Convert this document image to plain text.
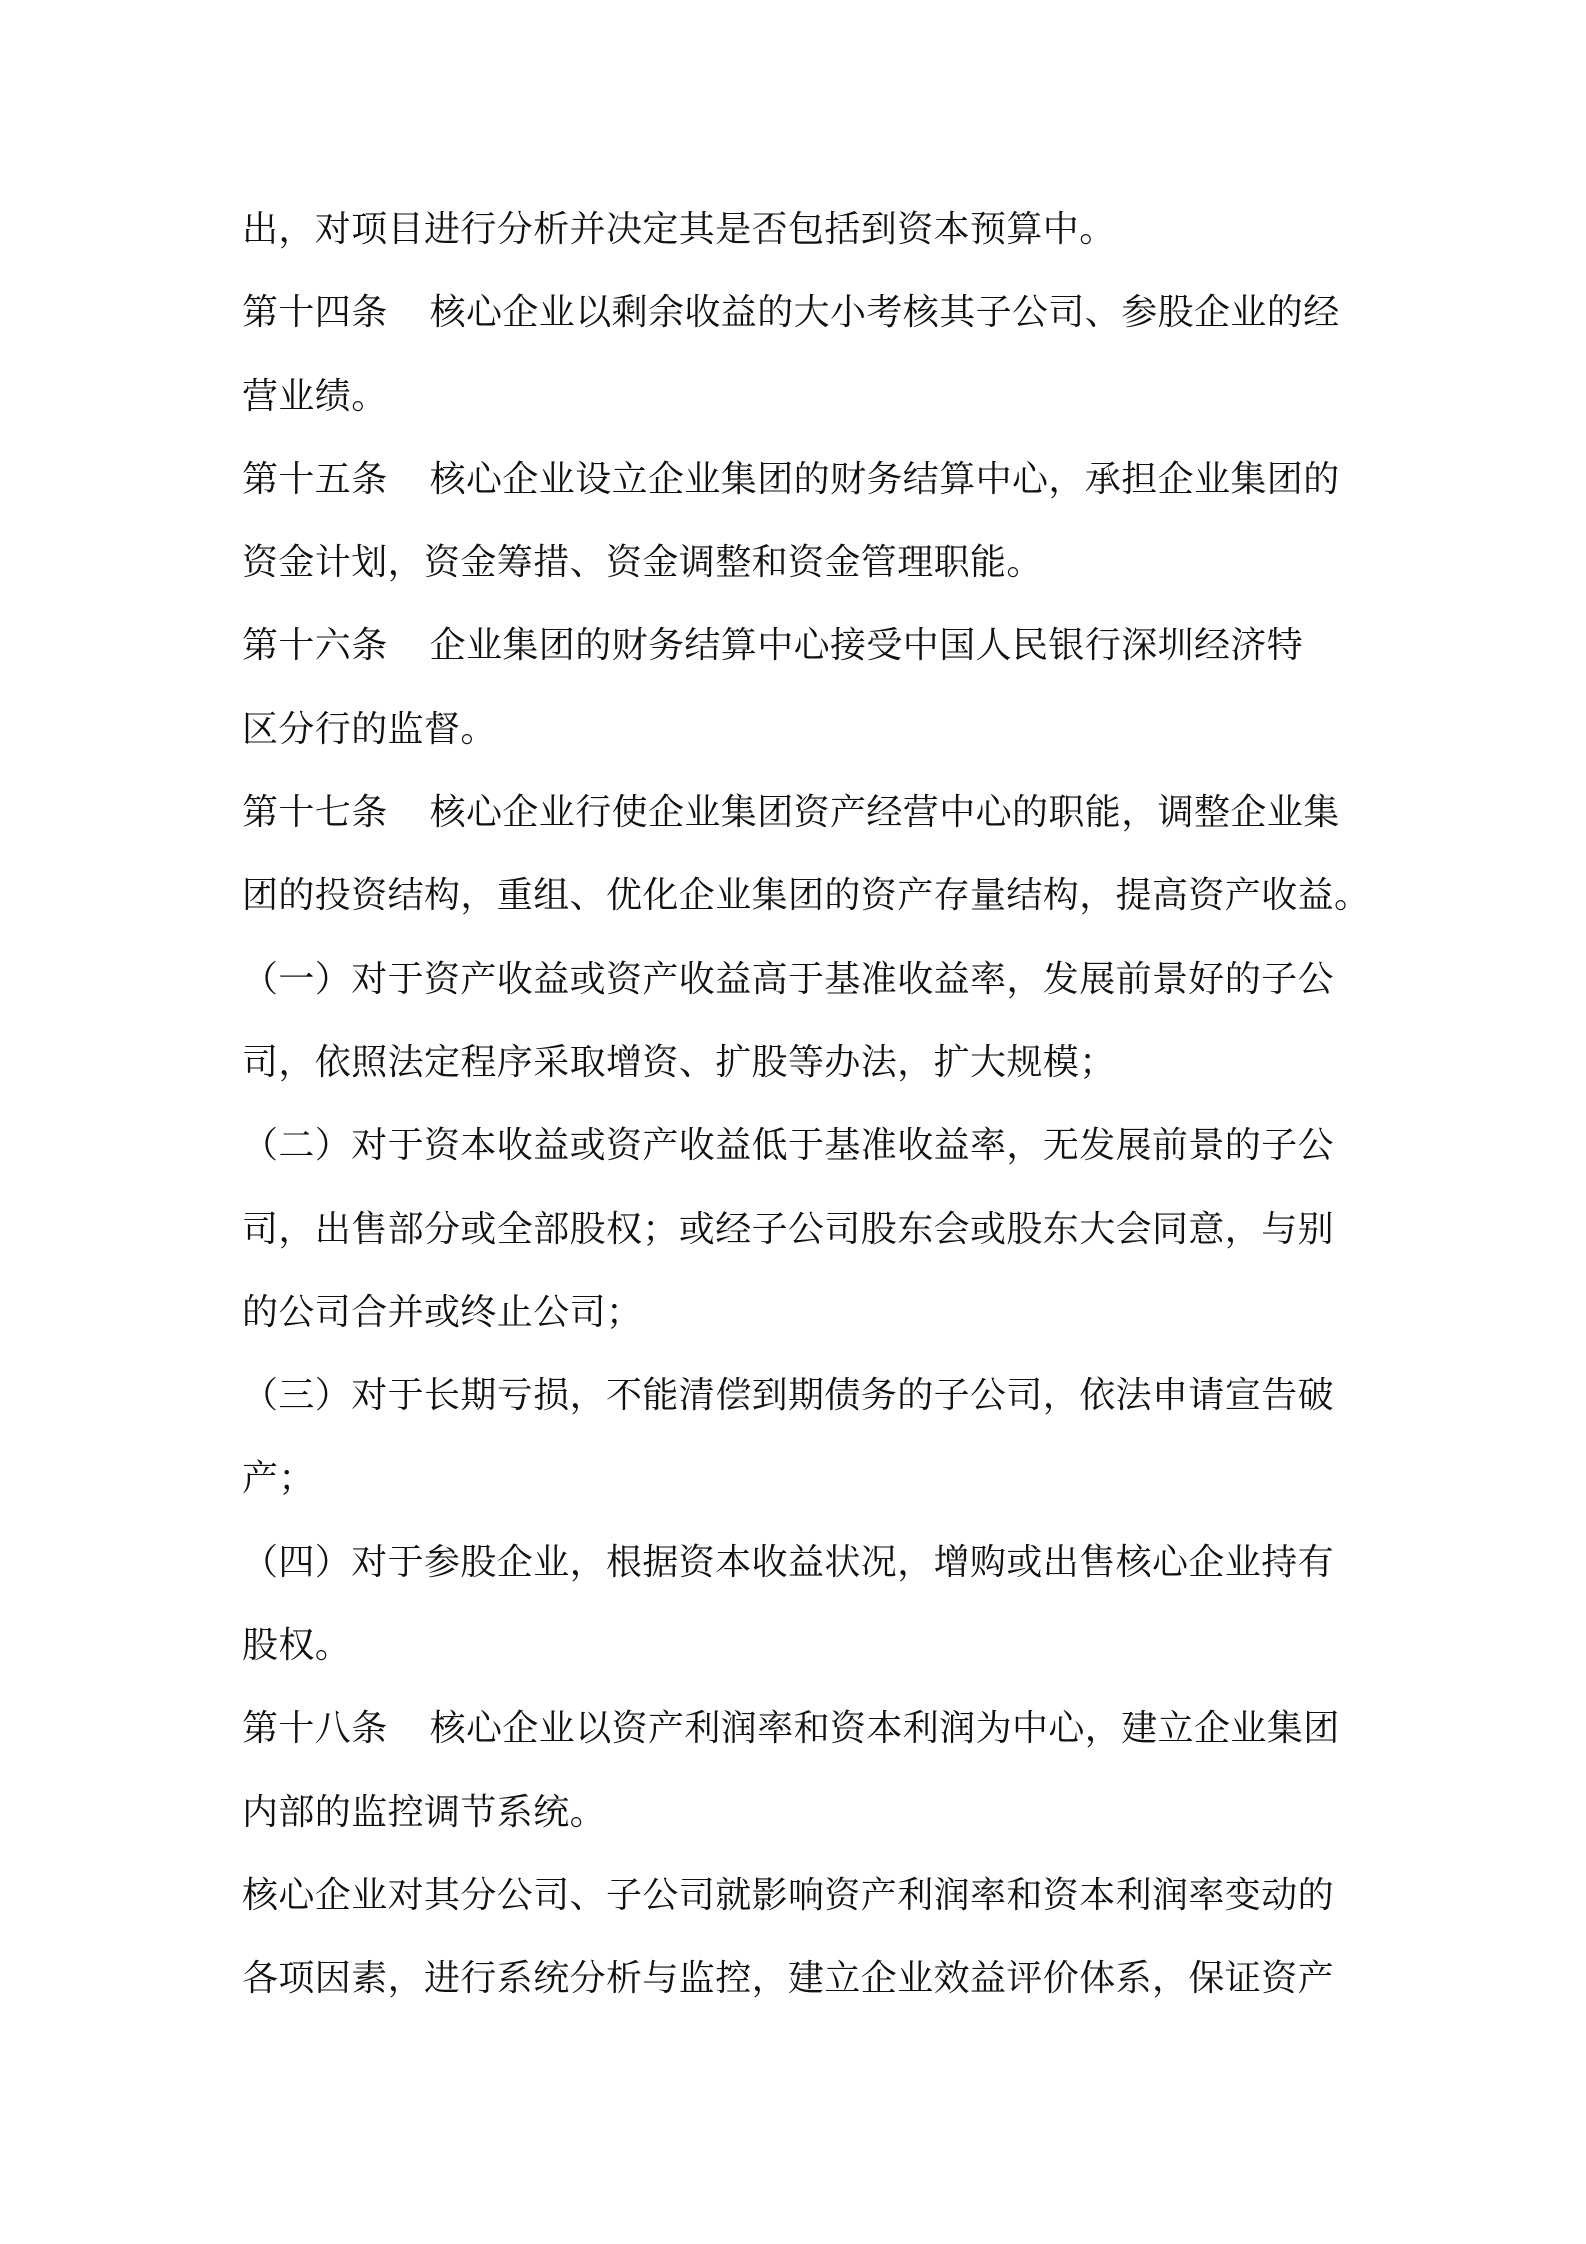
出，对项目进行分析并决定其是否包括到资本预算中。
第十四条 核心企业以剩余收益的大小考核其子公司、参股企业的经
营业绩。
第十五条 核心企业设立企业集团的财务结算中心，承担企业集团的
资金计划，资金筹措、资金调整和资金管理职能。
第十六条 企业集团的财务结算中心接受中国人民银行深圳经济特
区分行的监督。
第十七条 核心企业行使企业集团资产经营中心的职能，调整企业集
团的投资结构，重组、优化企业集团的资产存量结构，提高资产收益。
（一）对于资产收益或资产收益高于基准收益率，发展前景好的子公
司，依照法定程序采取增资、扩股等办法，扩大规模；
（二）对于资本收益或资产收益低于基准收益率，无发展前景的子公
司，出售部分或全部股权；或经子公司股东会或股东大会同意，与别
的公司合并或终止公司；
（三）对于长期亏损，不能清偿到期债务的子公司，依法申请宣告破
产；
（四）对于参股企业，根据资本收益状况，增购或出售核心企业持有
股权。
第十八条 核心企业以资产利润率和资本利润为中心，建立企业集团
内部的监控调节系统。
核心企业对其分公司、子公司就影响资产利润率和资本利润率变动的
各项因素，进行系统分析与监控，建立企业效益评价体系，保证资产
